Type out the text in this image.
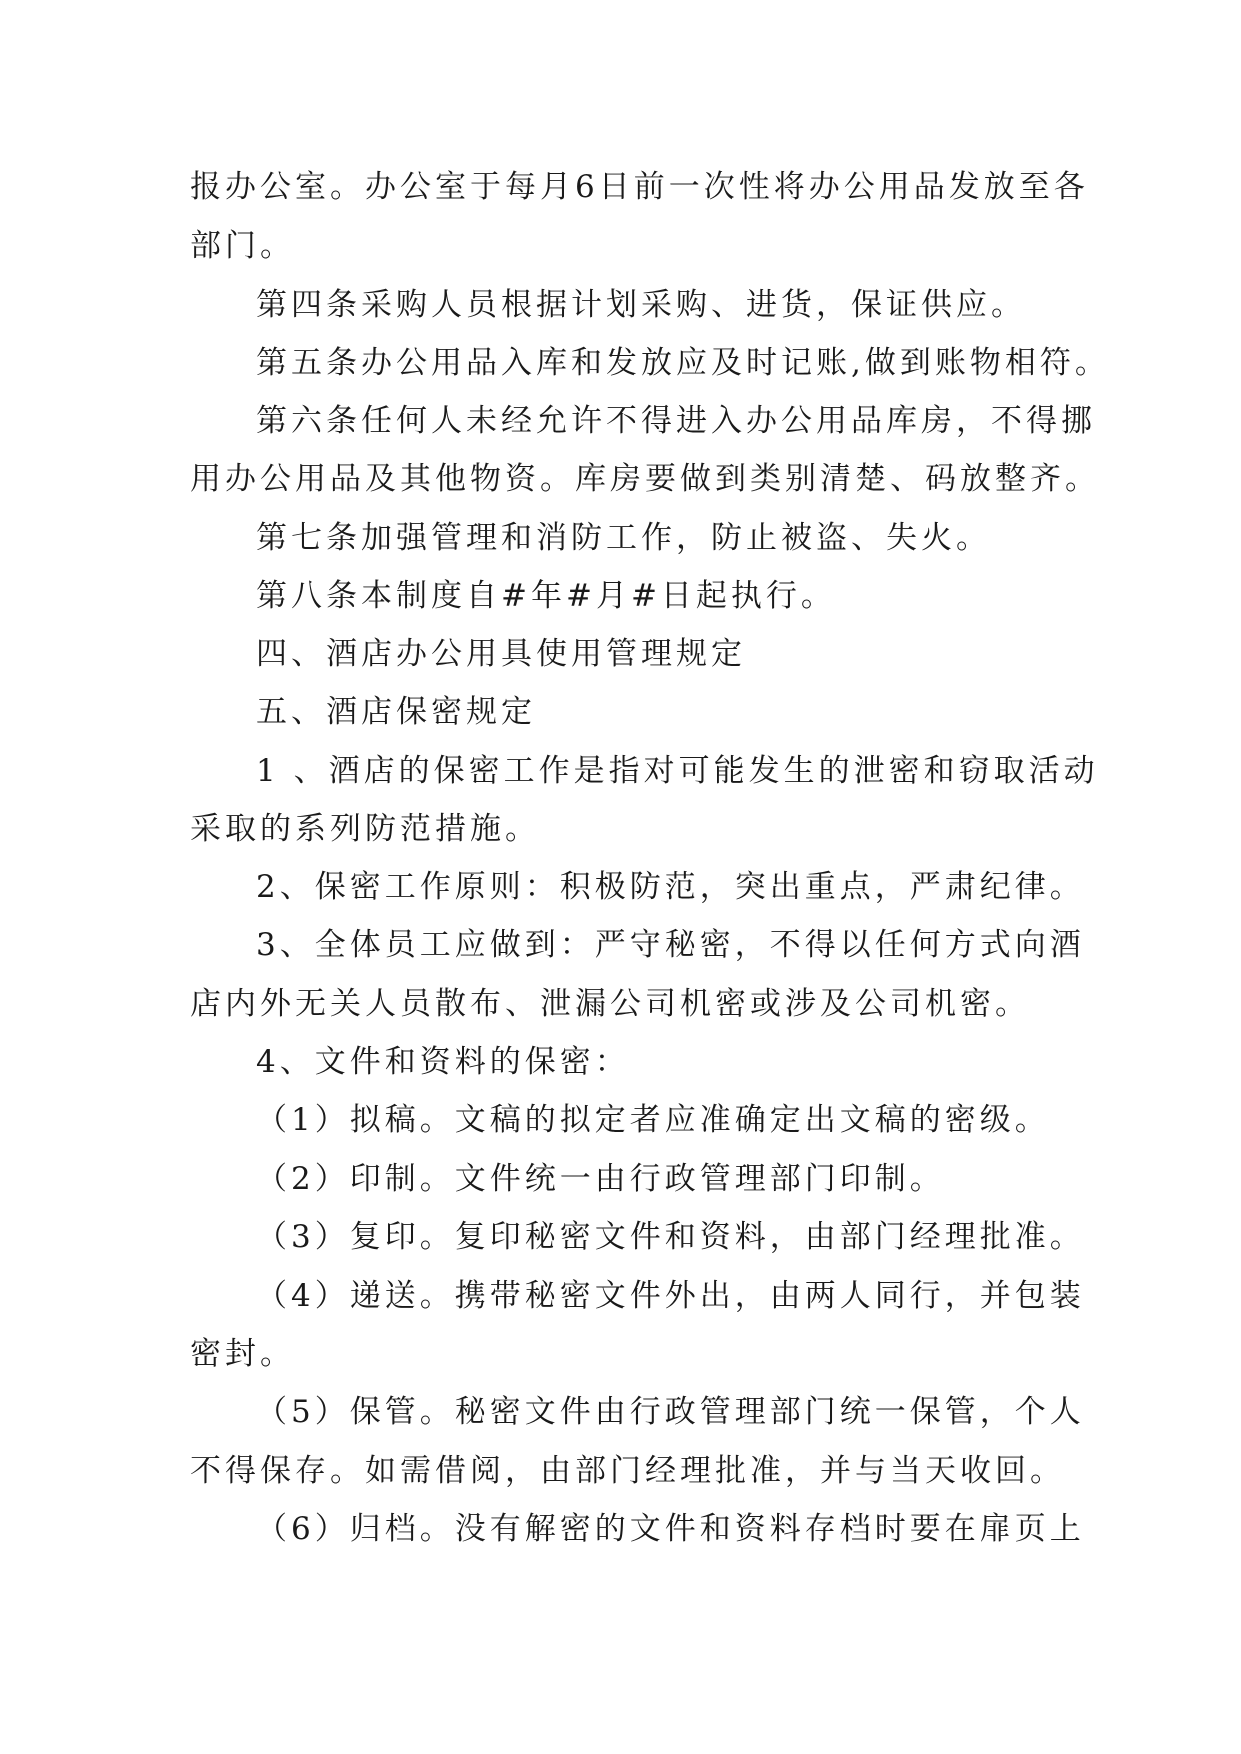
报办公室。办公室于每月6日前一次性将办公用品发放至各
部门。
第四条采购人员根据计划采购、进货，保证供应。
第五条办公用品入库和发放应及时记账,做到账物相符。
第六条任何人未经允许不得进入办公用品库房，不得挪
用办公用品及其他物资。库房要做到类别清楚、码放整齐。
第七条加强管理和消防工作，防止被盗、失火。
第八条本制度自#年#月#日起执行。
四、酒店办公用具使用管理规定
五、酒店保密规定
1 、酒店的保密工作是指对可能发生的泄密和窃取活动
采取的系列防范措施。
2、保密工作原则：积极防范，突出重点，严肃纪律。
3、全体员工应做到：严守秘密，不得以任何方式向酒
店内外无关人员散布、泄漏公司机密或涉及公司机密。
4、文件和资料的保密：
（1）拟稿。文稿的拟定者应准确定出文稿的密级。
（2）印制。文件统一由行政管理部门印制。
（3）复印。复印秘密文件和资料，由部门经理批准。
（4）递送。携带秘密文件外出，由两人同行，并包装
密封。
（5）保管。秘密文件由行政管理部门统一保管，个人
不得保存。如需借阅，由部门经理批准，并与当天收回。
（6）归档。没有解密的文件和资料存档时要在扉页上
